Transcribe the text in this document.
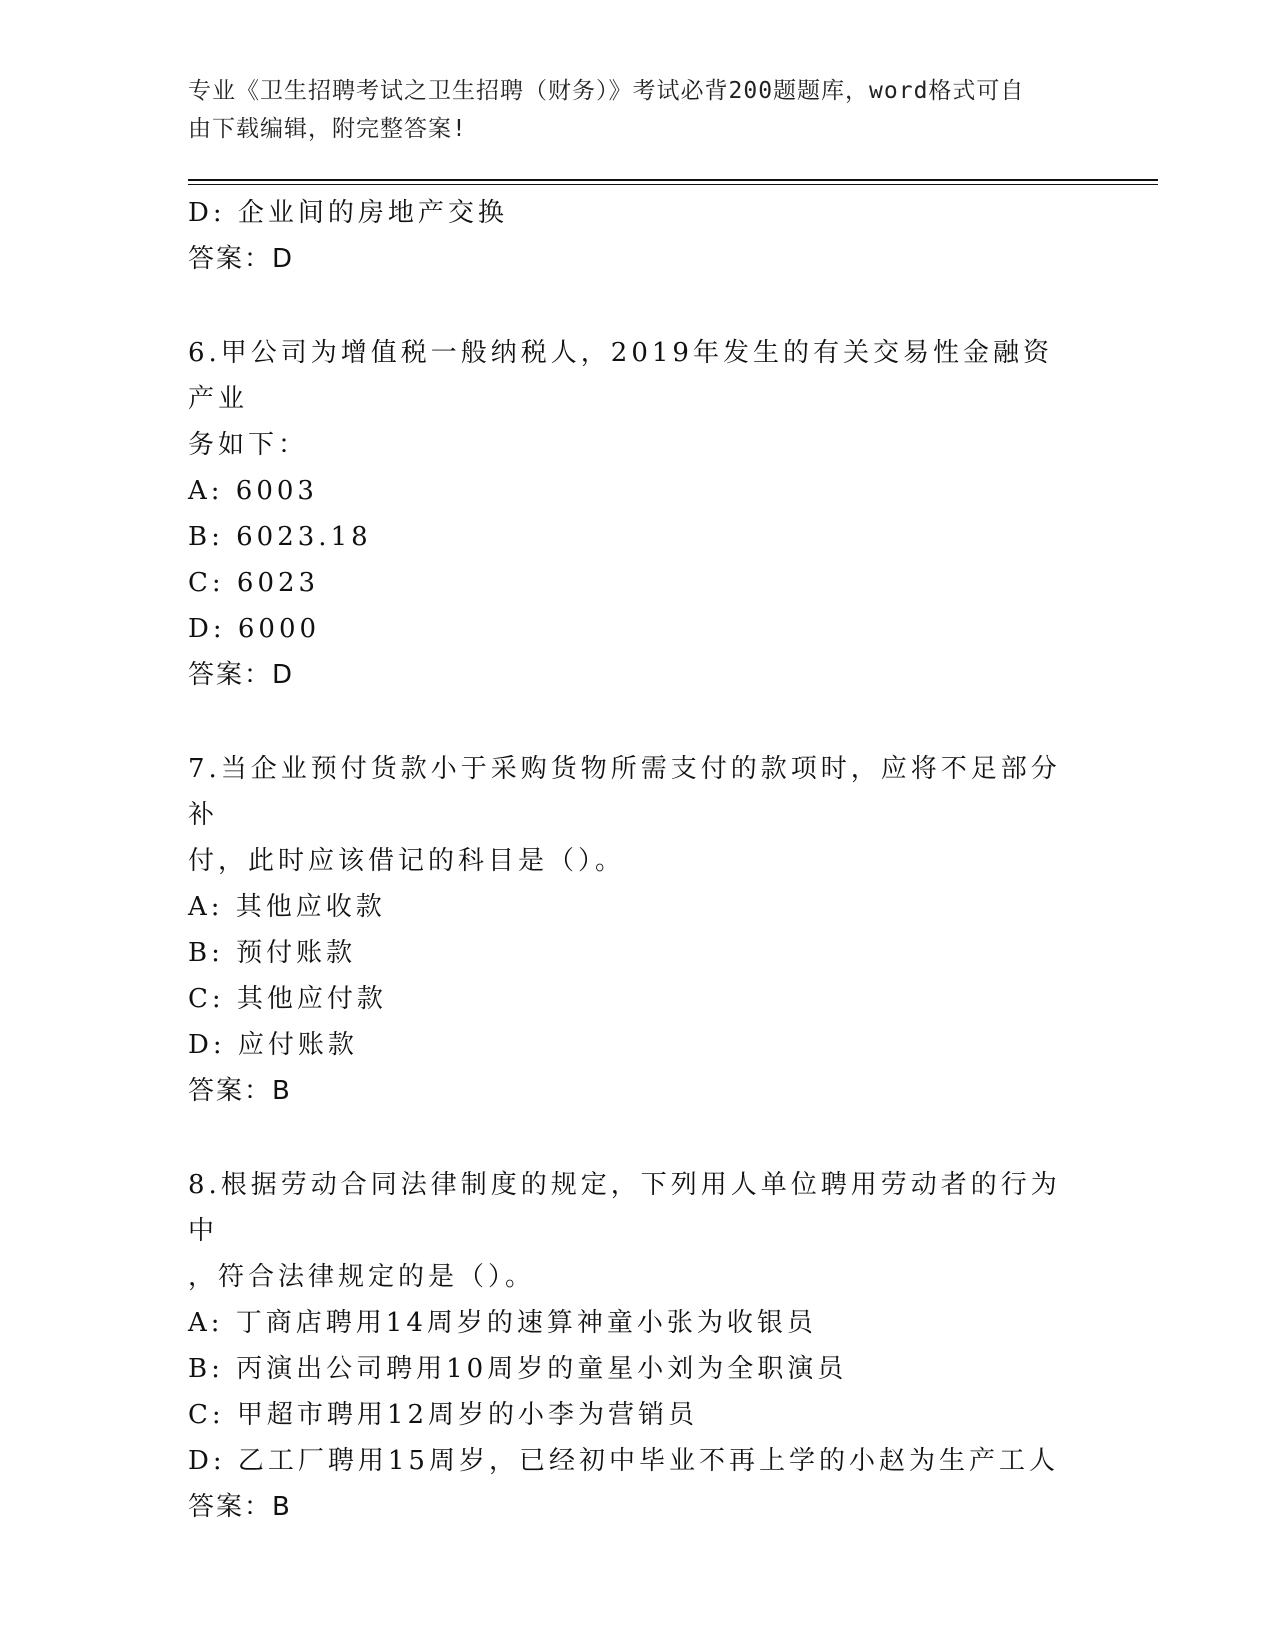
专业《卫生招聘考试之卫生招聘（财务）》考试必背200题题库，word格式可自
由下载编辑，附完整答案!
D: 企业间的房地产交换
答案：D
6.甲公司为增值税一般纳税人，2019年发生的有关交易性金融资产业
务如下：
A: 6003
B: 6023.18
C: 6023
D: 6000
答案：D
7.当企业预付货款小于采购货物所需支付的款项时，应将不足部分补
付，此时应该借记的科目是（）。
A: 其他应收款
B: 预付账款
C: 其他应付款
D: 应付账款
答案：B
8.根据劳动合同法律制度的规定，下列用人单位聘用劳动者的行为中
，符合法律规定的是（）。
A: 丁商店聘用14周岁的速算神童小张为收银员
B: 丙演出公司聘用10周岁的童星小刘为全职演员
C: 甲超市聘用12周岁的小李为营销员
D: 乙工厂聘用15周岁，已经初中毕业不再上学的小赵为生产工人
答案：B
